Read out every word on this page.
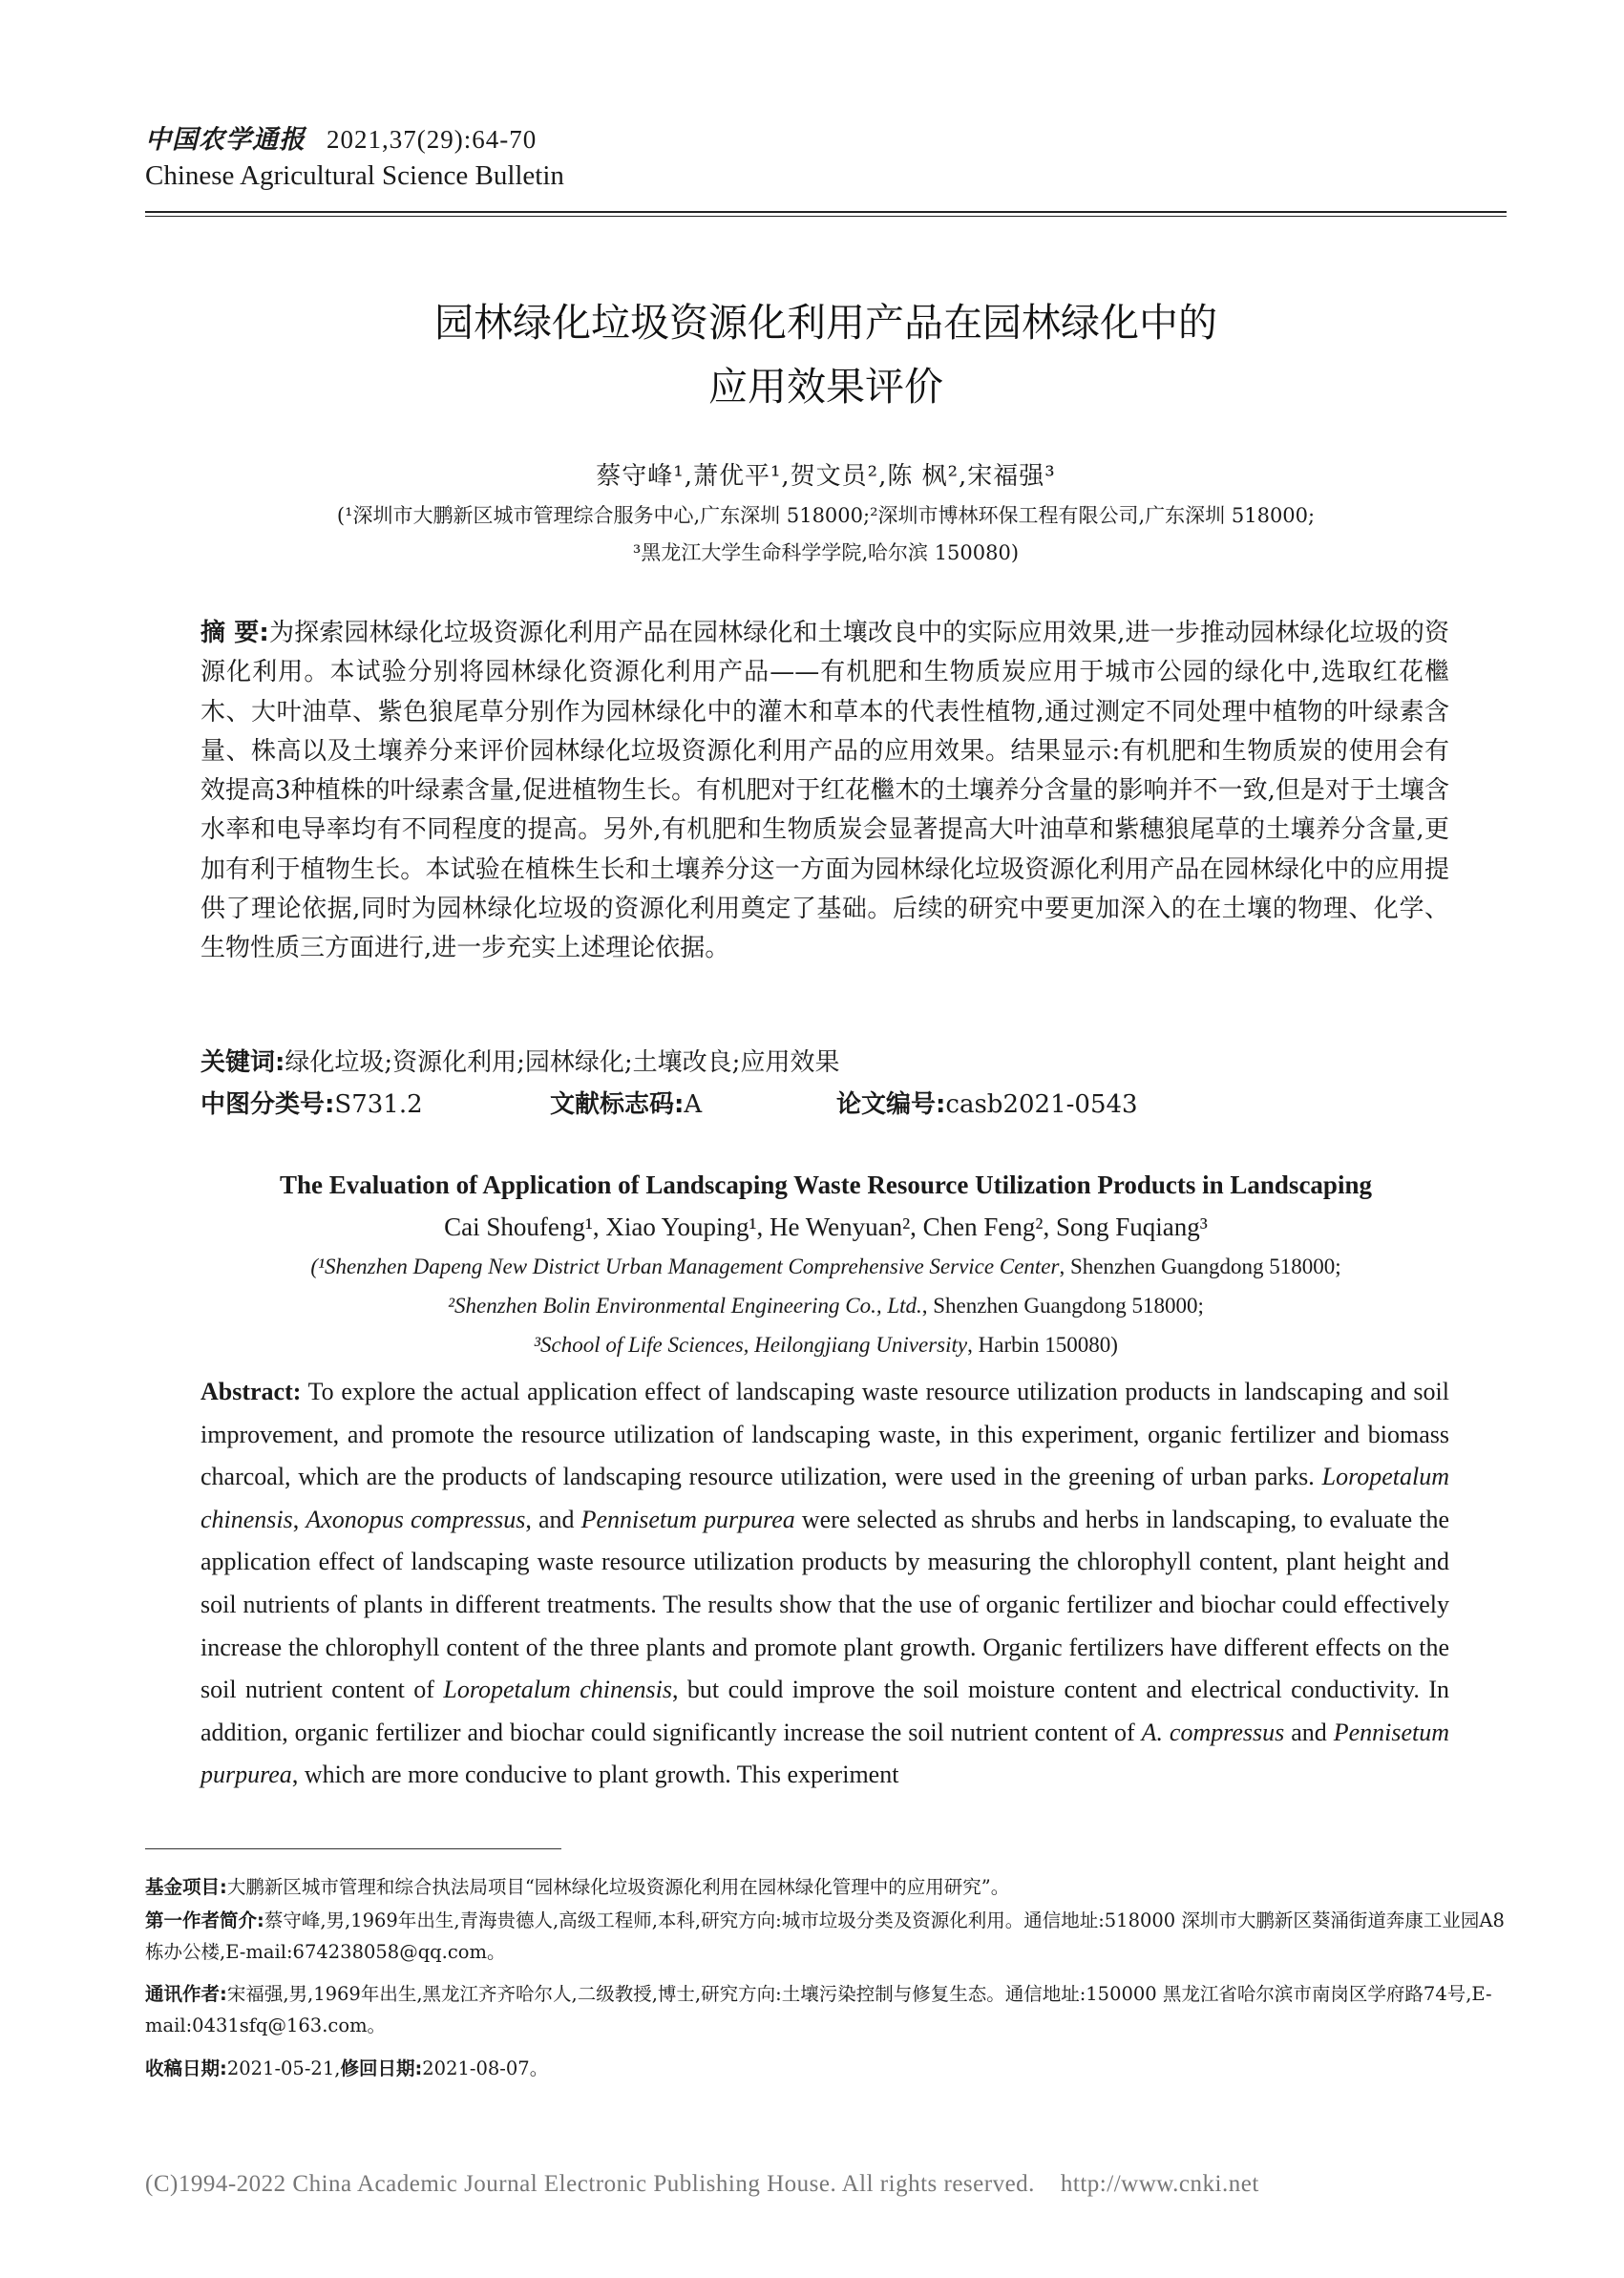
中国农学通报 2021,37(29):64-70
Chinese Agricultural Science Bulletin
园林绿化垃圾资源化利用产品在园林绿化中的
应用效果评价
蔡守峰¹,萧优平¹,贺文员²,陈 枫²,宋福强³
(¹深圳市大鹏新区城市管理综合服务中心,广东深圳 518000;²深圳市博林环保工程有限公司,广东深圳 518000;
³黑龙江大学生命科学学院,哈尔滨 150080)
摘 要:为探索园林绿化垃圾资源化利用产品在园林绿化和土壤改良中的实际应用效果,进一步推动园林绿化垃圾的资源化利用。本试验分别将园林绿化资源化利用产品——有机肥和生物质炭应用于城市公园的绿化中,选取红花檵木、大叶油草、紫色狼尾草分别作为园林绿化中的灌木和草本的代表性植物,通过测定不同处理中植物的叶绿素含量、株高以及土壤养分来评价园林绿化垃圾资源化利用产品的应用效果。结果显示:有机肥和生物质炭的使用会有效提高3种植株的叶绿素含量,促进植物生长。有机肥对于红花檵木的土壤养分含量的影响并不一致,但是对于土壤含水率和电导率均有不同程度的提高。另外,有机肥和生物质炭会显著提高大叶油草和紫穗狼尾草的土壤养分含量,更加有利于植物生长。本试验在植株生长和土壤养分这一方面为园林绿化垃圾资源化利用产品在园林绿化中的应用提供了理论依据,同时为园林绿化垃圾的资源化利用奠定了基础。后续的研究中要更加深入的在土壤的物理、化学、生物性质三方面进行,进一步充实上述理论依据。
关键词:绿化垃圾;资源化利用;园林绿化;土壤改良;应用效果
中图分类号:S731.2	文献标志码:A	论文编号:casb2021-0543
The Evaluation of Application of Landscaping Waste Resource Utilization Products in Landscaping
Cai Shoufeng¹, Xiao Youping¹, He Wenyuan², Chen Feng², Song Fuqiang³
(¹Shenzhen Dapeng New District Urban Management Comprehensive Service Center, Shenzhen Guangdong 518000;
²Shenzhen Bolin Environmental Engineering Co., Ltd., Shenzhen Guangdong 518000;
³School of Life Sciences, Heilongjiang University, Harbin 150080)
Abstract: To explore the actual application effect of landscaping waste resource utilization products in landscaping and soil improvement, and promote the resource utilization of landscaping waste, in this experiment, organic fertilizer and biomass charcoal, which are the products of landscaping resource utilization, were used in the greening of urban parks. Loropetalum chinensis, Axonopus compressus, and Pennisetum purpurea were selected as shrubs and herbs in landscaping, to evaluate the application effect of landscaping waste resource utilization products by measuring the chlorophyll content, plant height and soil nutrients of plants in different treatments. The results show that the use of organic fertilizer and biochar could effectively increase the chlorophyll content of the three plants and promote plant growth. Organic fertilizers have different effects on the soil nutrient content of Loropetalum chinensis, but could improve the soil moisture content and electrical conductivity. In addition, organic fertilizer and biochar could significantly increase the soil nutrient content of A. compressus and Pennisetum purpurea, which are more conducive to plant growth. This experiment
基金项目:大鹏新区城市管理和综合执法局项目“园林绿化垃圾资源化利用在园林绿化管理中的应用研究”。
第一作者简介:蔡守峰,男,1969年出生,青海贵德人,高级工程师,本科,研究方向:城市垃圾分类及资源化利用。通信地址:518000 深圳市大鹏新区葵涌街道奔康工业园A8栋办公楼,E-mail:674238058@qq.com。
通讯作者:宋福强,男,1969年出生,黑龙江齐齐哈尔人,二级教授,博士,研究方向:土壤污染控制与修复生态。通信地址:150000 黑龙江省哈尔滨市南岗区学府路74号,E-mail:0431sfq@163.com。
收稿日期:2021-05-21,修回日期:2021-08-07。
(C)1994-2022 China Academic Journal Electronic Publishing House. All rights reserved.    http://www.cnki.net
